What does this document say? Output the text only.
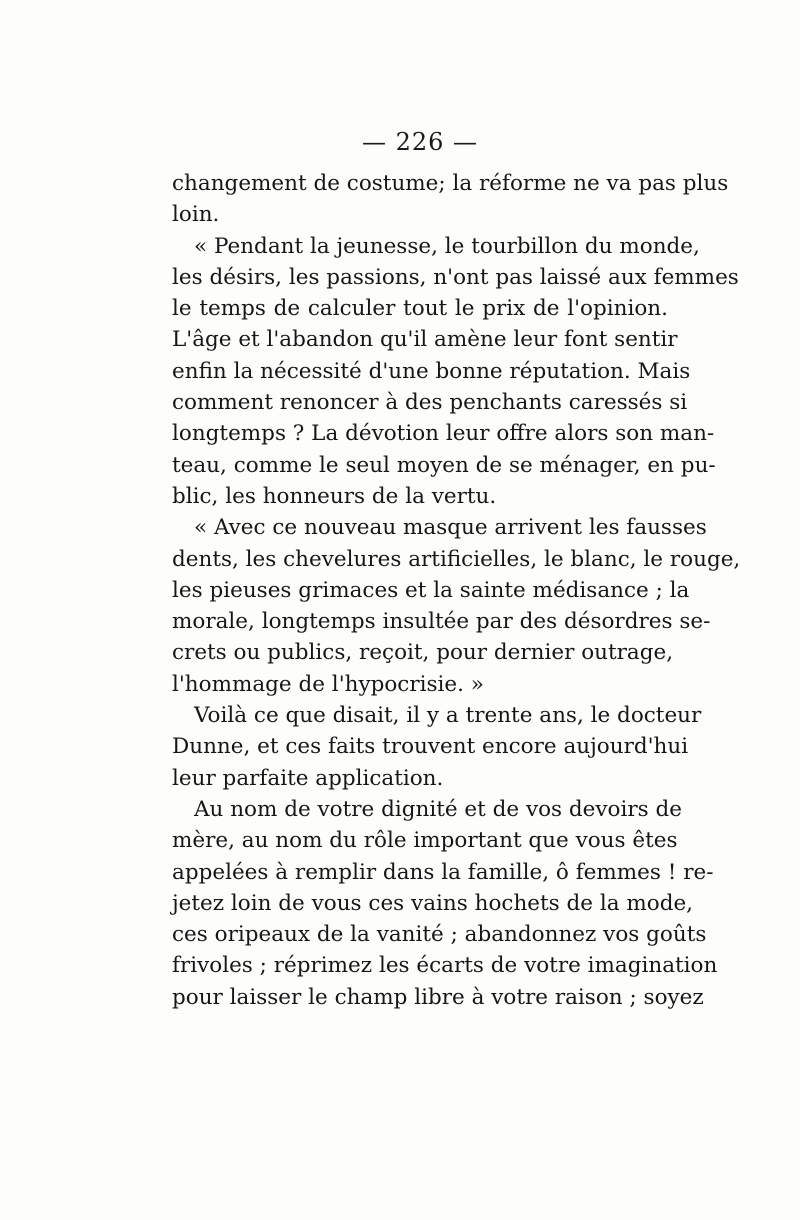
— 226 —
changement de costume; la réforme ne va pas plus
loin.
« Pendant la jeunesse, le tourbillon du monde,
les désirs, les passions, n'ont pas laissé aux femmes
le temps de calculer tout le prix de l'opinion.
L'âge et l'abandon qu'il amène leur font sentir
enfin la nécessité d'une bonne réputation. Mais
comment renoncer à des penchants caressés si
longtemps ? La dévotion leur offre alors son man-
teau, comme le seul moyen de se ménager, en pu-
blic, les honneurs de la vertu.
« Avec ce nouveau masque arrivent les fausses
dents, les chevelures artificielles, le blanc, le rouge,
les pieuses grimaces et la sainte médisance ; la
morale, longtemps insultée par des désordres se-
crets ou publics, reçoit, pour dernier outrage,
l'hommage de l'hypocrisie. »
Voilà ce que disait, il y a trente ans, le docteur
Dunne, et ces faits trouvent encore aujourd'hui
leur parfaite application.
Au nom de votre dignité et de vos devoirs de
mère, au nom du rôle important que vous êtes
appelées à remplir dans la famille, ô femmes ! re-
jetez loin de vous ces vains hochets de la mode,
ces oripeaux de la vanité ; abandonnez vos goûts
frivoles ; réprimez les écarts de votre imagination
pour laisser le champ libre à votre raison ; soyez
